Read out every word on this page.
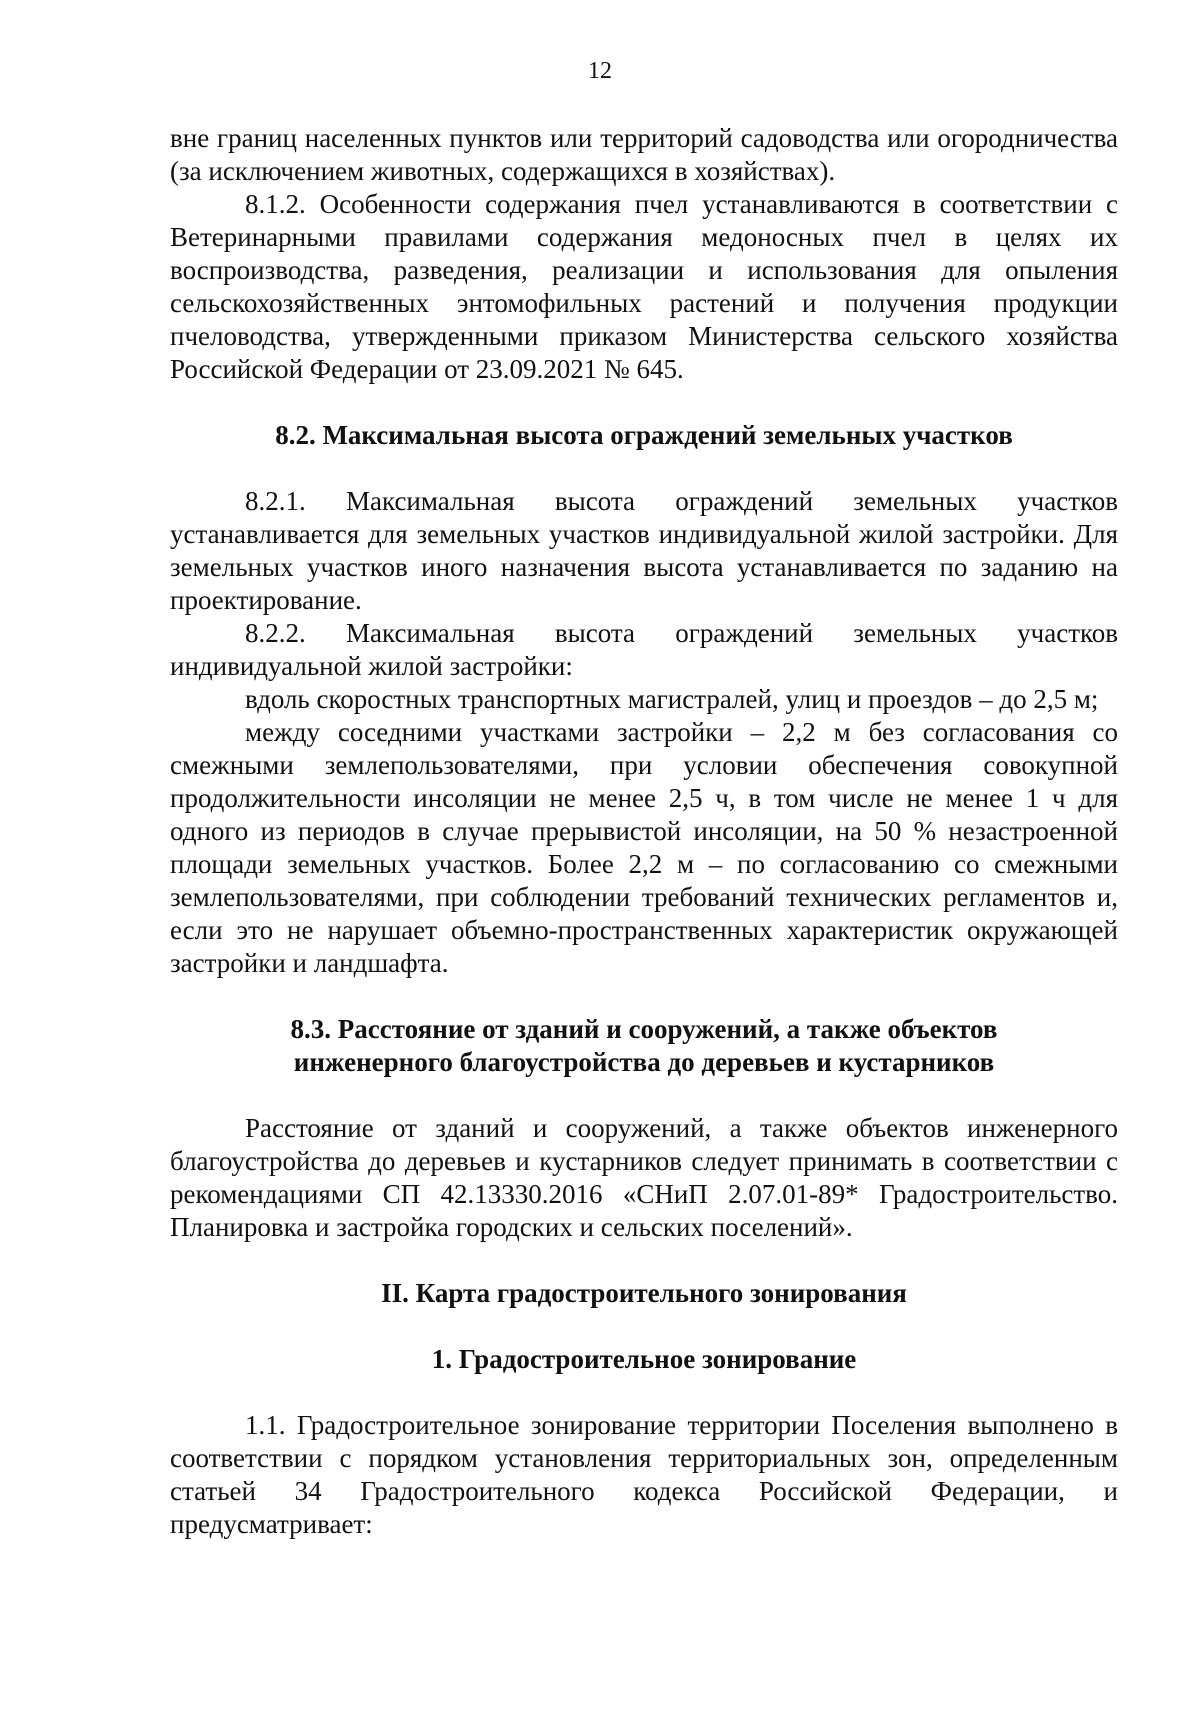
12

вне границ населенных пунктов или территорий садоводства или огородничества (за исключением животных, содержащихся в хозяйствах).

8.1.2. Особенности содержания пчел устанавливаются в соответствии с Ветеринарными правилами содержания медоносных пчел в целях их воспроизводства, разведения, реализации и использования для опыления сельскохозяйственных энтомофильных растений и получения продукции пчеловодства, утвержденными приказом Министерства сельского хозяйства Российской Федерации от 23.09.2021 № 645.

8.2. Максимальная высота ограждений земельных участков

8.2.1. Максимальная высота ограждений земельных участков устанавливается для земельных участков индивидуальной жилой застройки. Для земельных участков иного назначения высота устанавливается по заданию на проектирование.

8.2.2. Максимальная высота ограждений земельных участков индивидуальной жилой застройки:

вдоль скоростных транспортных магистралей, улиц и проездов – до 2,5 м;

между соседними участками застройки – 2,2 м без согласования со смежными землепользователями, при условии обеспечения совокупной продолжительности инсоляции не менее 2,5 ч, в том числе не менее 1 ч для одного из периодов в случае прерывистой инсоляции, на 50 % незастроенной площади земельных участков. Более 2,2 м – по согласованию со смежными землепользователями, при соблюдении требований технических регламентов и, если это не нарушает объемно-пространственных характеристик окружающей застройки и ландшафта.

8.3. Расстояние от зданий и сооружений, а также объектов
инженерного благоустройства до деревьев и кустарников

Расстояние от зданий и сооружений, а также объектов инженерного благоустройства до деревьев и кустарников следует принимать в соответствии с рекомендациями СП 42.13330.2016 «СНиП 2.07.01-89* Градостроительство. Планировка и застройка городских и сельских поселений».

II. Карта градостроительного зонирования
1. Градостроительное зонирование

1.1. Градостроительное зонирование территории Поселения выполнено в соответствии с порядком установления территориальных зон, определенным статьей 34 Градостроительного кодекса Российской Федерации, и предусматривает:
